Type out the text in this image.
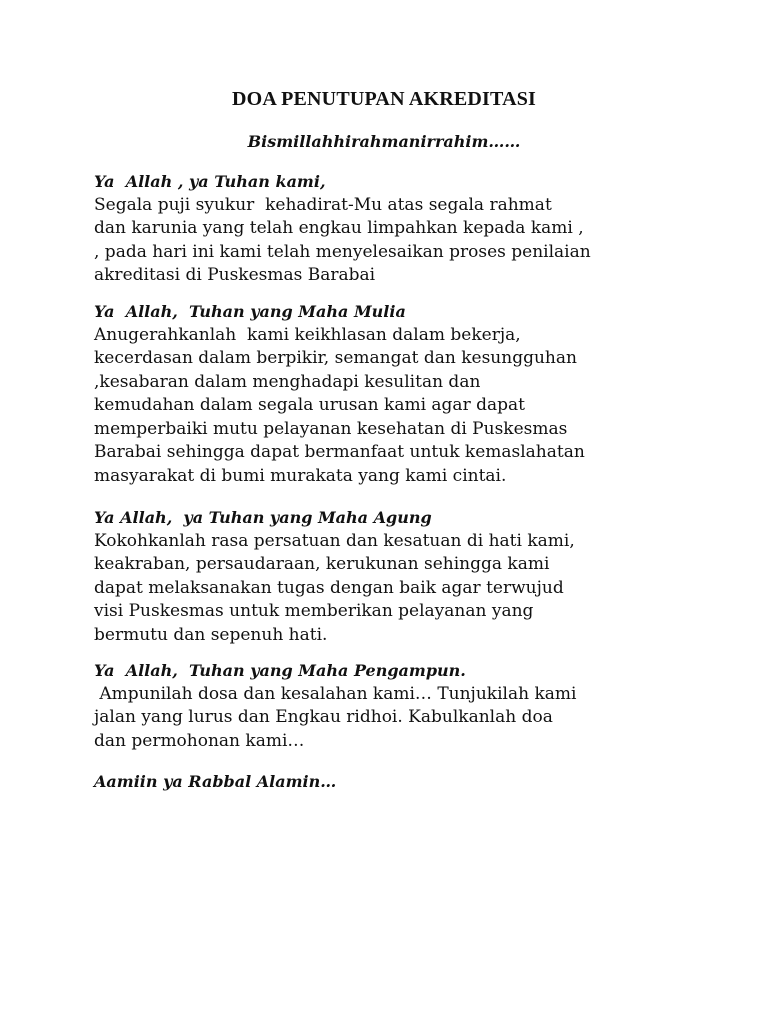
DOA PENUTUPAN AKREDITASI
Bismillahhirahmanirrahim……
Ya  Allah , ya Tuhan kami,
Segala puji syukur  kehadirat-Mu atas segala rahmat
dan karunia yang telah engkau limpahkan kepada kami ,
, pada hari ini kami telah menyelesaikan proses penilaian
akreditasi di Puskesmas Barabai
Ya  Allah,  Tuhan yang Maha Mulia
Anugerahkanlah  kami keikhlasan dalam bekerja,
kecerdasan dalam berpikir, semangat dan kesungguhan
,kesabaran dalam menghadapi kesulitan dan
kemudahan dalam segala urusan kami agar dapat
memperbaiki mutu pelayanan kesehatan di Puskesmas
Barabai sehingga dapat bermanfaat untuk kemaslahatan
masyarakat di bumi murakata yang kami cintai.
Ya Allah,  ya Tuhan yang Maha Agung
Kokohkanlah rasa persatuan dan kesatuan di hati kami,
keakraban, persaudaraan, kerukunan sehingga kami
dapat melaksanakan tugas dengan baik agar terwujud
visi Puskesmas untuk memberikan pelayanan yang
bermutu dan sepenuh hati.
Ya  Allah,  Tuhan yang Maha Pengampun.
Ampunilah dosa dan kesalahan kami… Tunjukilah kami
jalan yang lurus dan Engkau ridhoi. Kabulkanlah doa
dan permohonan kami…
Aamiin ya Rabbal Alamin…
